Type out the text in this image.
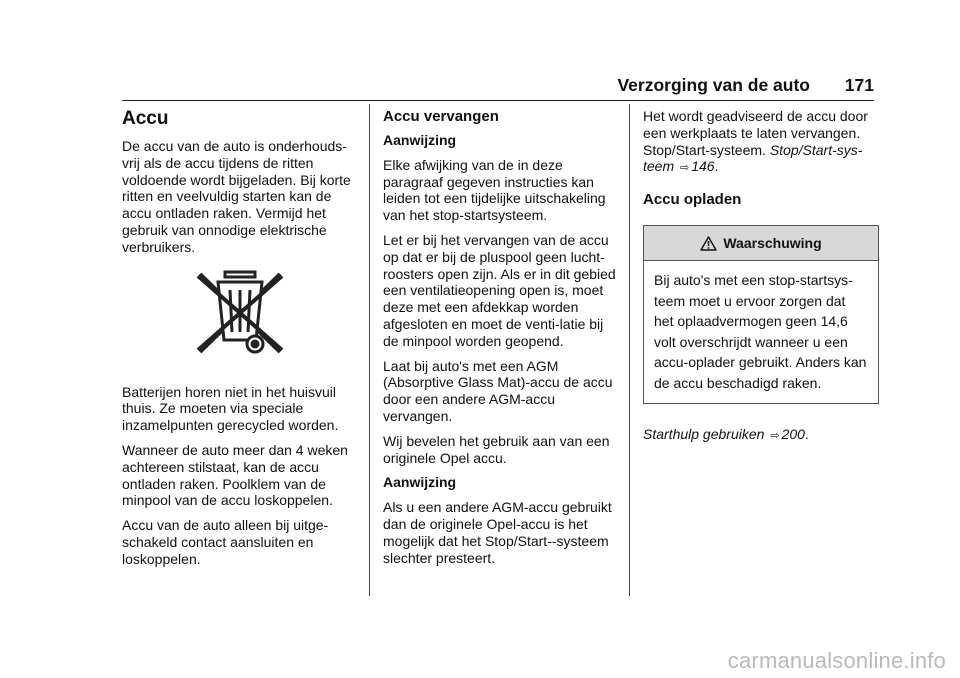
Verzorging van de auto 171
Accu

De accu van de auto is onderhouds-vrij als de accu tijdens de ritten voldoende wordt bijgeladen. Bij korte ritten en veelvuldig starten kan de accu ontladen raken. Vermijd het gebruik van onnodige elektrische verbruikers.

Batterijen horen niet in het huisvuil thuis. Ze moeten via speciale inzamelpunten gerecycled worden.

Wanneer de auto meer dan 4 weken achtereen stilstaat, kan de accu ontladen raken. Poolklem van de minpool van de accu loskoppelen.

Accu van de auto alleen bij uitge-schakeld contact aansluiten en loskoppelen.

Accu vervangen

Aanwijzing

Elke afwijking van de in deze paragraaf gegeven instructies kan leiden tot een tijdelijke uitschakeling van het stop-startsysteem.

Let er bij het vervangen van de accu op dat er bij de pluspool geen lucht-roosters open zijn. Als er in dit gebied een ventilatieopening open is, moet deze met een afdekkap worden afgesloten en moet de venti-latie bij de minpool worden geopend.

Laat bij auto's met een AGM (Absorptive Glass Mat)-accu de accu door een andere AGM-accu vervangen.

Wij bevelen het gebruik aan van een originele Opel accu.

Aanwijzing

Als u een andere AGM-accu gebruikt dan de originele Opel-accu is het mogelijk dat het Stop/Start--systeem slechter presteert.

Het wordt geadviseerd de accu door een werkplaats te laten vervangen. Stop/Start-systeem. Stop/Start-sys-teem ⇨ 146.

Accu opladen
Waarschuwing
Bij auto's met een stop-startsys-teem moet u ervoor zorgen dat het oplaadvermogen geen 14,6 volt overschrijdt wanneer u een accu-oplader gebruikt. Anders kan de accu beschadigd raken.

Starthulp gebruiken ⇨ 200.

carmanualsonline.info
